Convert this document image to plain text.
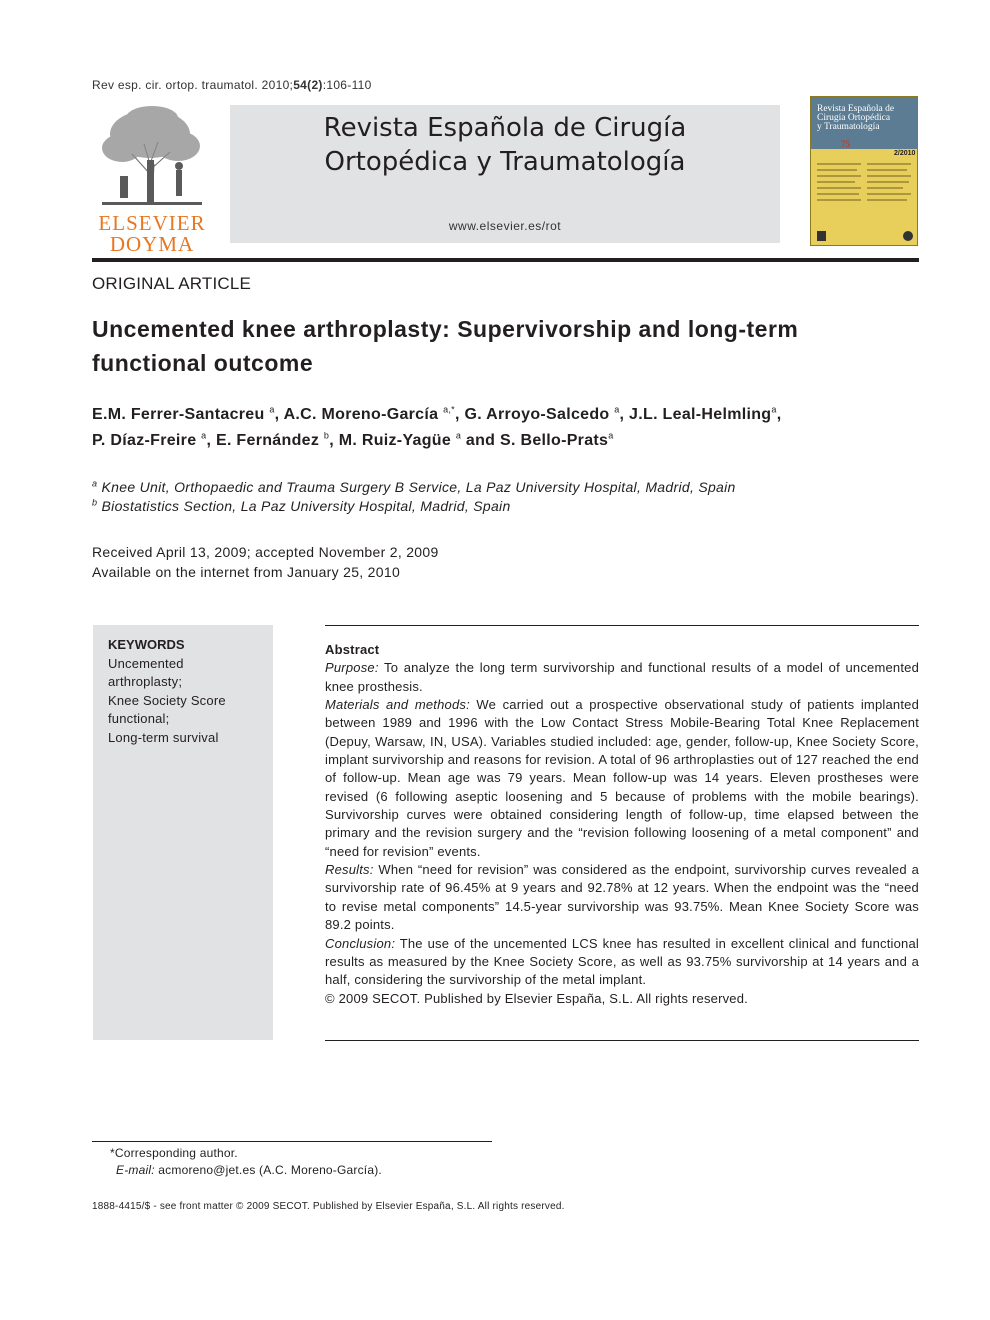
Rev esp. cir. ortop. traumatol. 2010;54(2):106-110
ELSEVIER
DOYMA
Revista Española de Cirugía
Ortopédica y Traumatología
www.elsevier.es/rot
Revista Española de
Cirugía Ortopédica
y Traumatología
75
2/2010
ORIGINAL ARTICLE
Uncemented knee arthroplasty: Supervivorship and long-term functional outcome
E.M. Ferrer-Santacreu $^a$, A.C. Moreno-García $^{a,*}$, G. Arroyo-Salcedo $^a$, J.L. Leal-Helmling$^a$,
P. Díaz-Freire $^a$, E. Fernández $^b$, M. Ruiz-Yagüe $^a$ and S. Bello-Prats$^a$
$^a$ Knee Unit, Orthopaedic and Trauma Surgery B Service, La Paz University Hospital, Madrid, Spain
$^b$ Biostatistics Section, La Paz University Hospital, Madrid, Spain
Received April 13, 2009; accepted November 2, 2009
Available on the internet from January 25, 2010
KEYWORDS
Uncemented arthroplasty;
Knee Society Score functional;
Long-term survival

Abstract

Purpose: To analyze the long term survivorship and functional results of a model of uncemented knee prosthesis.

Materials and methods: We carried out a prospective observational study of patients implanted between 1989 and 1996 with the Low Contact Stress Mobile-Bearing Total Knee Replacement (Depuy, Warsaw, IN, USA). Variables studied included: age, gender, follow-up, Knee Society Score, implant survivorship and reasons for revision. A total of 96 arthroplasties out of 127 reached the end of follow-up. Mean age was 79 years. Mean follow-up was 14 years. Eleven prostheses were revised (6 following aseptic loosening and 5 because of problems with the mobile bearings). Survivorship curves were obtained considering length of follow-up, time elapsed between the primary and the revision surgery and the “revision following loosening of a metal component” and “need for revision” events.

Results: When “need for revision” was considered as the endpoint, survivorship curves revealed a survivorship rate of 96.45% at 9 years and 92.78% at 12 years. When the endpoint was the “need to revise metal components” 14.5-year survivorship was 93.75%. Mean Knee Society Score was 89.2 points.

Conclusion: The use of the uncemented LCS knee has resulted in excellent clinical and functional results as measured by the Knee Society Score, as well as 93.75% survivorship at 14 years and a half, considering the survivorship of the metal implant.

© 2009 SECOT. Published by Elsevier España, S.L. All rights reserved.

*Corresponding author.
E-mail: acmoreno@jet.es (A.C. Moreno-García).
1888-4415/$ - see front matter © 2009 SECOT. Published by Elsevier España, S.L. All rights reserved.
